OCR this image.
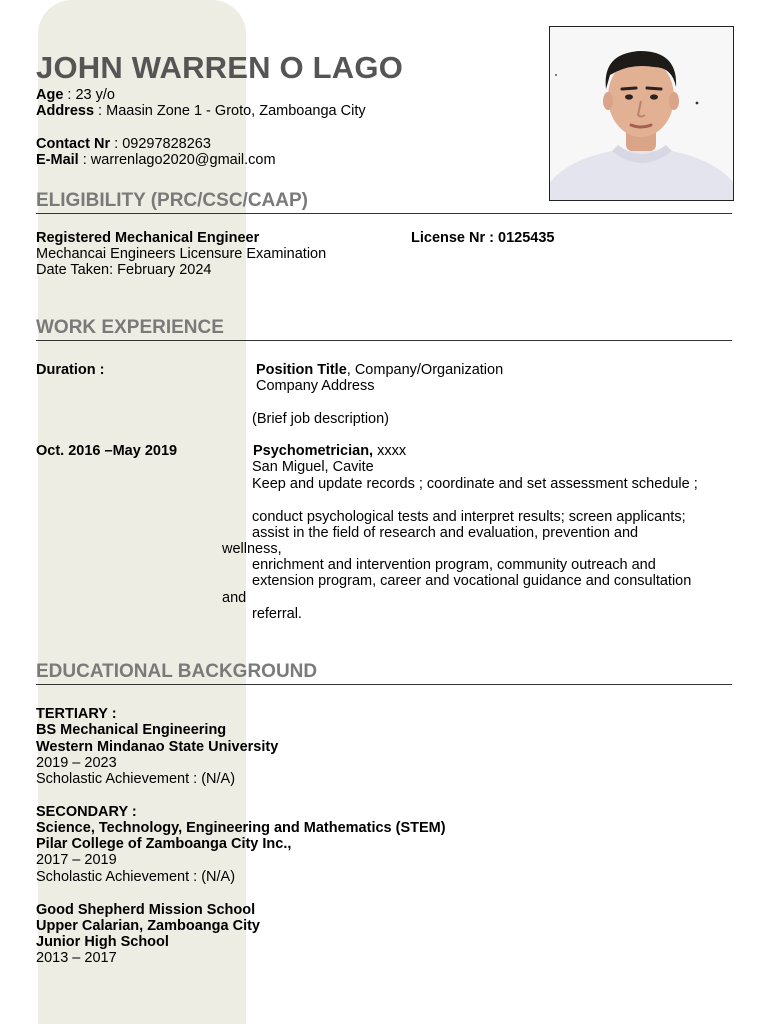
JOHN WARREN O LAGO
Age : 23 y/o
Address : Maasin Zone 1 - Groto, Zamboanga City
Contact Nr : 09297828263
E-Mail : warrenlago2020@gmail.com
ELIGIBILITY (PRC/CSC/CAAP)
Registered Mechanical Engineer	License Nr : 0125435
Mechancai Engineers Licensure Examination
Date Taken: February 2024
WORK EXPERIENCE
Duration :	Position Title, Company/Organization
Company Address
(Brief job description)
Oct. 2016 –May 2019	Psychometrician, xxxx
San Miguel, Cavite
Keep and update records ; coordinate and set assessment schedule ;
conduct psychological tests and interpret results; screen applicants;
assist in the field of research and evaluation, prevention and
wellness,
enrichment and intervention program, community outreach and
extension program, career and vocational guidance and consultation
and
referral.
EDUCATIONAL BACKGROUND
TERTIARY :
BS Mechanical Engineering
Western Mindanao State University
2019 – 2023
Scholastic Achievement : (N/A)
SECONDARY :
Science, Technology, Engineering and Mathematics (STEM)
Pilar College of Zamboanga City Inc.,
2017 – 2019
Scholastic Achievement : (N/A)
Good Shepherd Mission School
Upper Calarian, Zamboanga City
Junior High School
2013 – 2017
